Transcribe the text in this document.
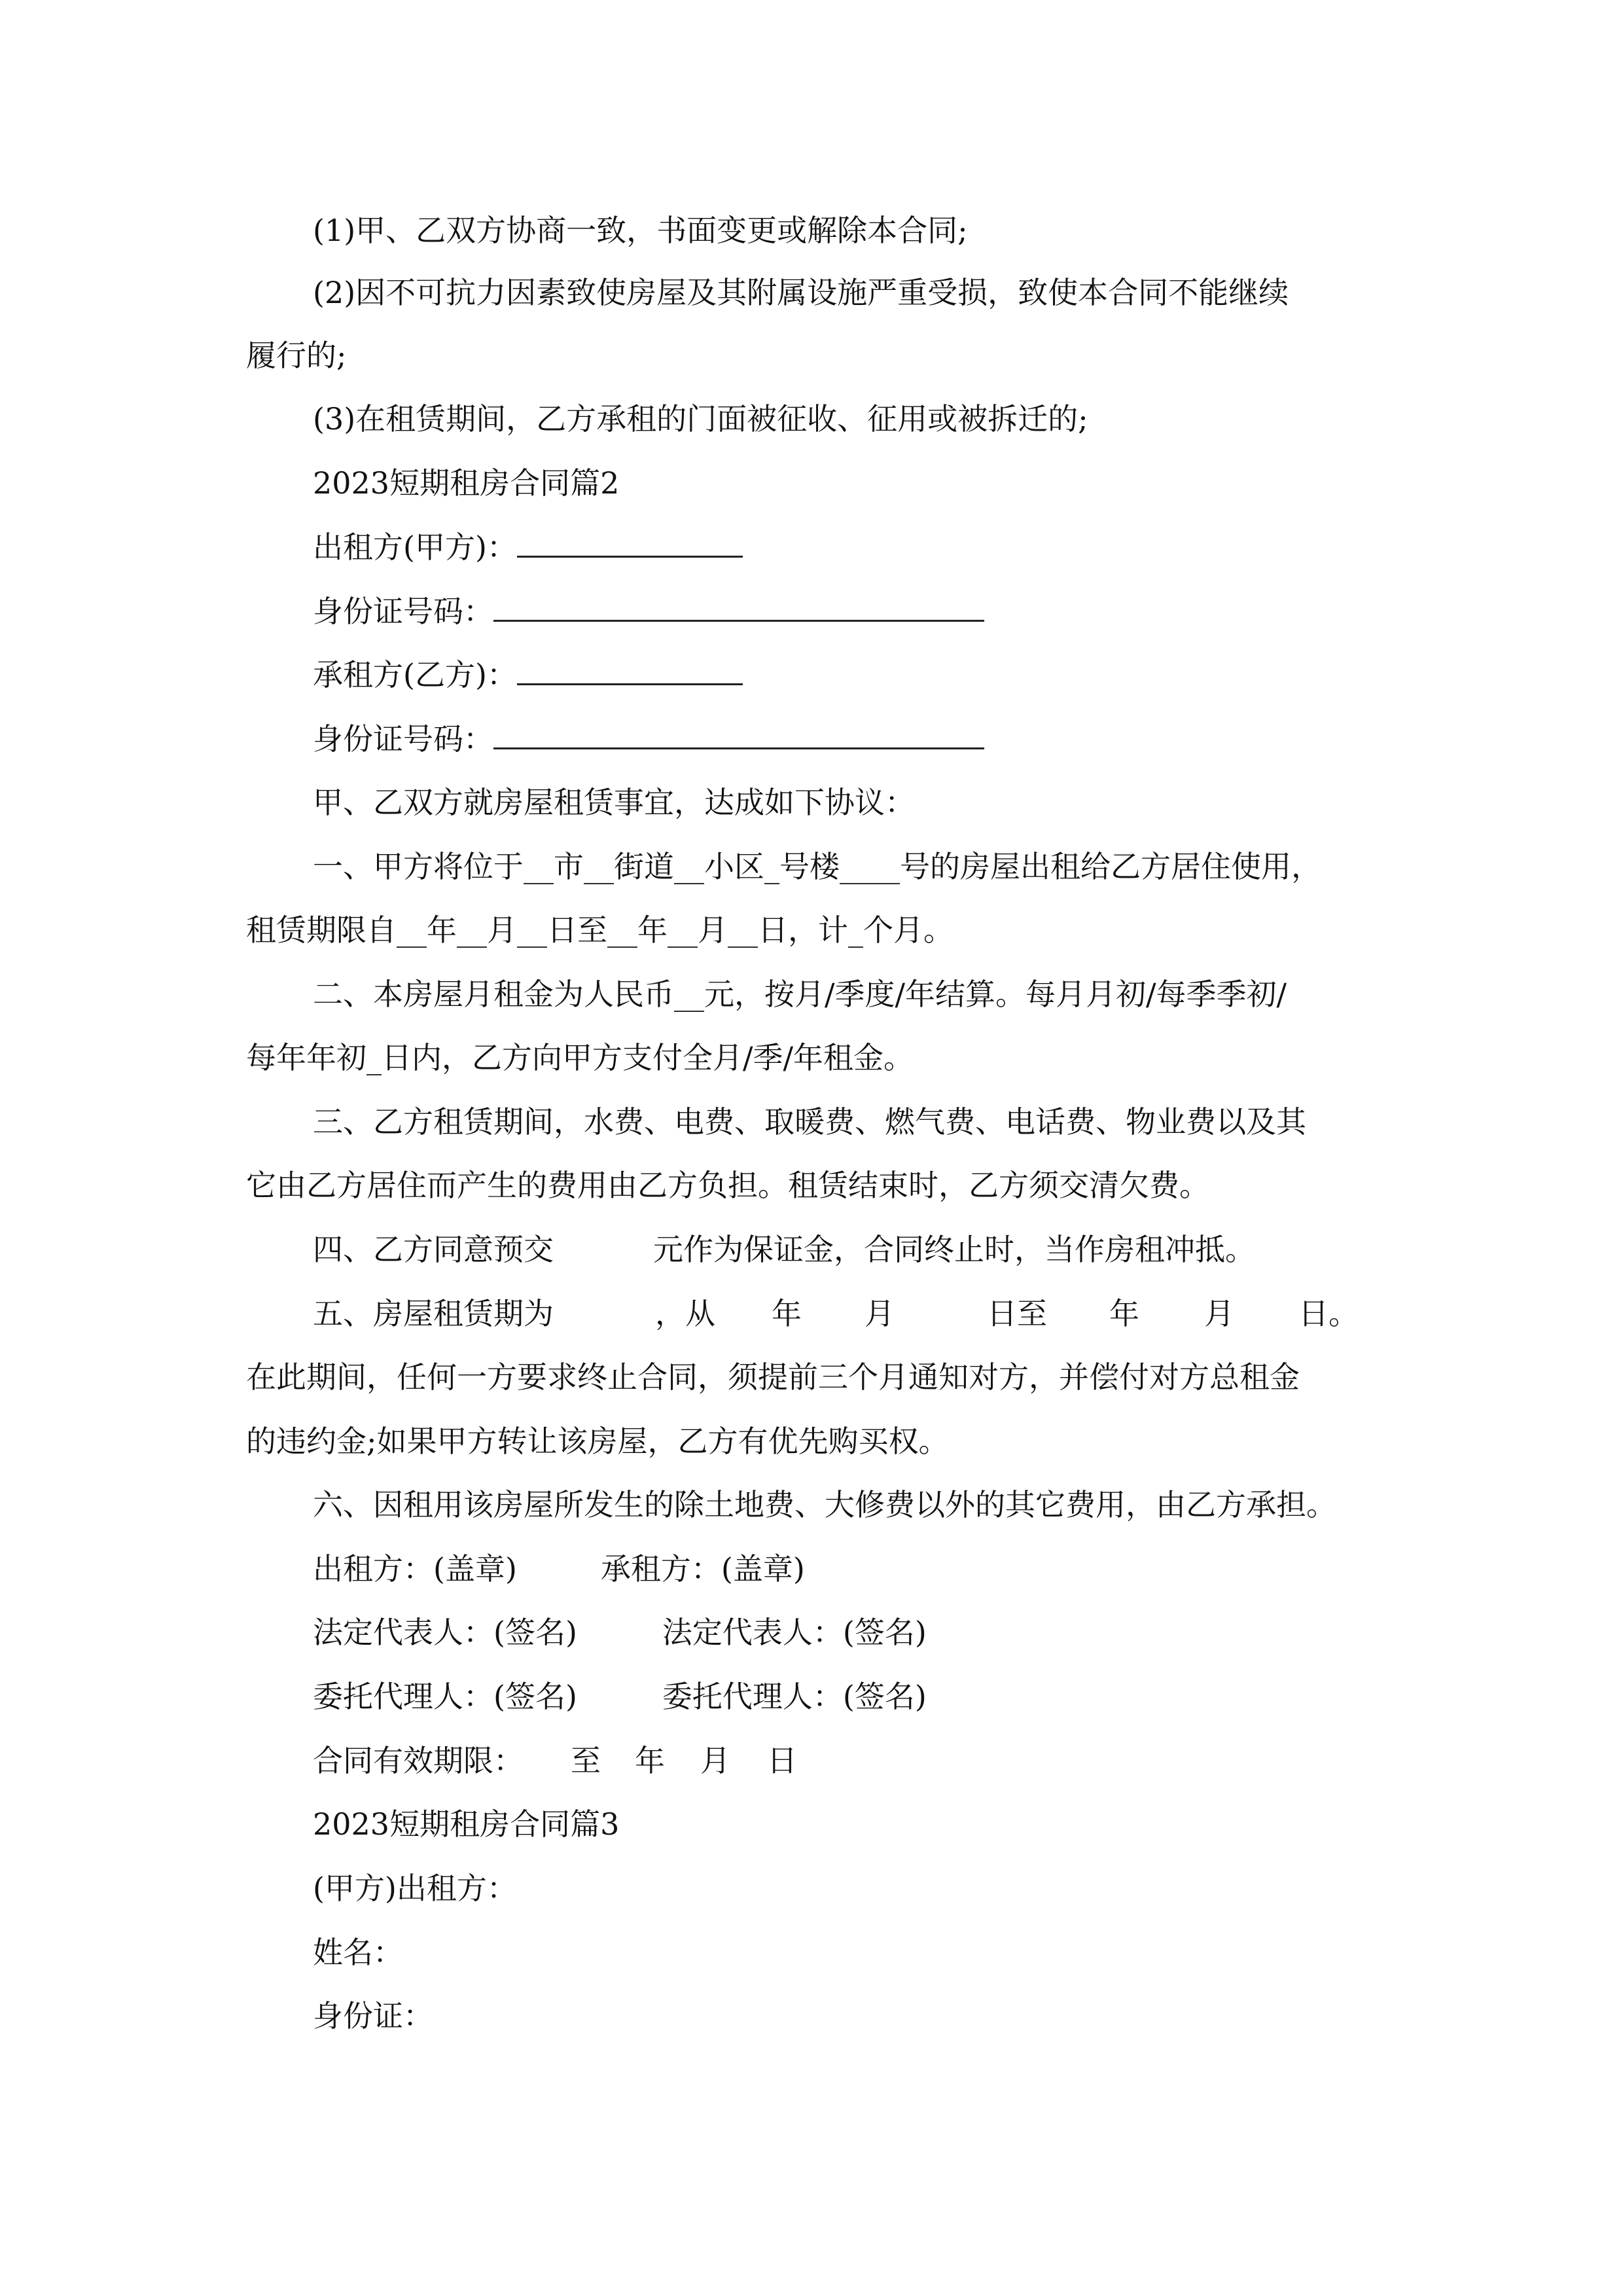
(1)甲、乙双方协商一致，书面变更或解除本合同;
(2)因不可抗力因素致使房屋及其附属设施严重受损，致使本合同不能继续
履行的;
(3)在租赁期间，乙方承租的门面被征收、征用或被拆迁的;
2023短期租房合同篇2
出租方(甲方)：
身份证号码：
承租方(乙方)：
身份证号码：
甲、乙双方就房屋租赁事宜，达成如下协议：
一、甲方将位于__市__街道__小区_号楼____号的房屋出租给乙方居住使用，
租赁期限自__年__月__日至__年__月__日，计_个月。
二、本房屋月租金为人民币__元，按月/季度/年结算。每月月初/每季季初/
每年年初_日内，乙方向甲方支付全月/季/年租金。
三、乙方租赁期间，水费、电费、取暖费、燃气费、电话费、物业费以及其
它由乙方居住而产生的费用由乙方负担。租赁结束时，乙方须交清欠费。
四、乙方同意预交	元作为保证金，合同终止时，当作房租冲抵。
五、房屋租赁期为	，从 年 月	日至 年 月 日。
在此期间，任何一方要求终止合同，须提前三个月通知对方，并偿付对方总租金
的违约金;如果甲方转让该房屋，乙方有优先购买权。
六、因租用该房屋所发生的除土地费、大修费以外的其它费用，由乙方承担。
出租方：(盖章)	承租方：(盖章)
法定代表人：(签名)	法定代表人：(签名)
委托代理人：(签名)	委托代理人：(签名)
合同有效期限： 至 年 月 日
2023短期租房合同篇3
(甲方)出租方：
姓名：
身份证：
